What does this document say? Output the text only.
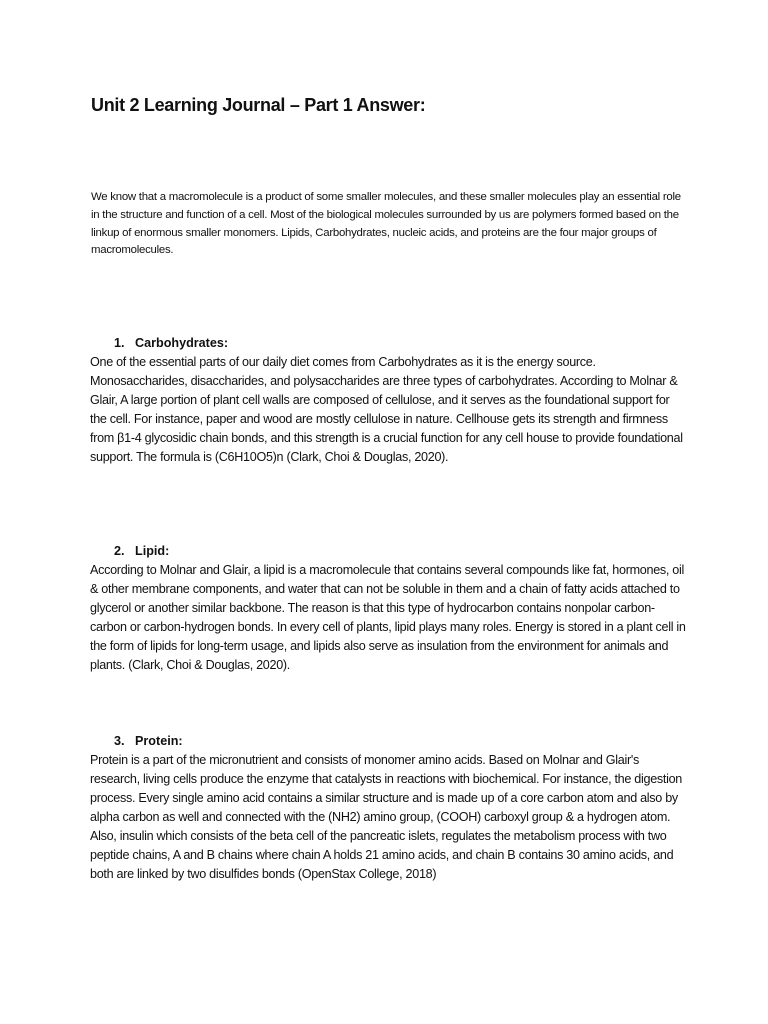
Unit 2 Learning Journal – Part 1 Answer:

We know that a macromolecule is a product of some smaller molecules, and these smaller molecules play an essential role in the structure and function of a cell. Most of the biological molecules surrounded by us are polymers formed based on the linkup of enormous smaller monomers. Lipids, Carbohydrates, nucleic acids, and proteins are the four major groups of macromolecules.

1. Carbohydrates:

One of the essential parts of our daily diet comes from Carbohydrates as it is the energy source. Monosaccharides, disaccharides, and polysaccharides are three types of carbohydrates. According to Molnar & Glair, A large portion of plant cell walls are composed of cellulose, and it serves as the foundational support for the cell. For instance, paper and wood are mostly cellulose in nature. Cellhouse gets its strength and firmness from β1-4 glycosidic chain bonds, and this strength is a crucial function for any cell house to provide foundational support. The formula is (C6H10O5)n (Clark, Choi & Douglas, 2020).

2. Lipid:

According to Molnar and Glair, a lipid is a macromolecule that contains several compounds like fat, hormones, oil & other membrane components, and water that can not be soluble in them and a chain of fatty acids attached to glycerol or another similar backbone. The reason is that this type of hydrocarbon contains nonpolar carbon-carbon or carbon-hydrogen bonds. In every cell of plants, lipid plays many roles. Energy is stored in a plant cell in the form of lipids for long-term usage, and lipids also serve as insulation from the environment for animals and plants. (Clark, Choi & Douglas, 2020).

3. Protein:

Protein is a part of the micronutrient and consists of monomer amino acids. Based on Molnar and Glair's research, living cells produce the enzyme that catalysts in reactions with biochemical. For instance, the digestion process. Every single amino acid contains a similar structure and is made up of a core carbon atom and also by alpha carbon as well and connected with the (NH2) amino group, (COOH) carboxyl group & a hydrogen atom. Also, insulin which consists of the beta cell of the pancreatic islets, regulates the metabolism process with two peptide chains, A and B chains where chain A holds 21 amino acids, and chain B contains 30 amino acids, and both are linked by two disulfides bonds (OpenStax College, 2018)
